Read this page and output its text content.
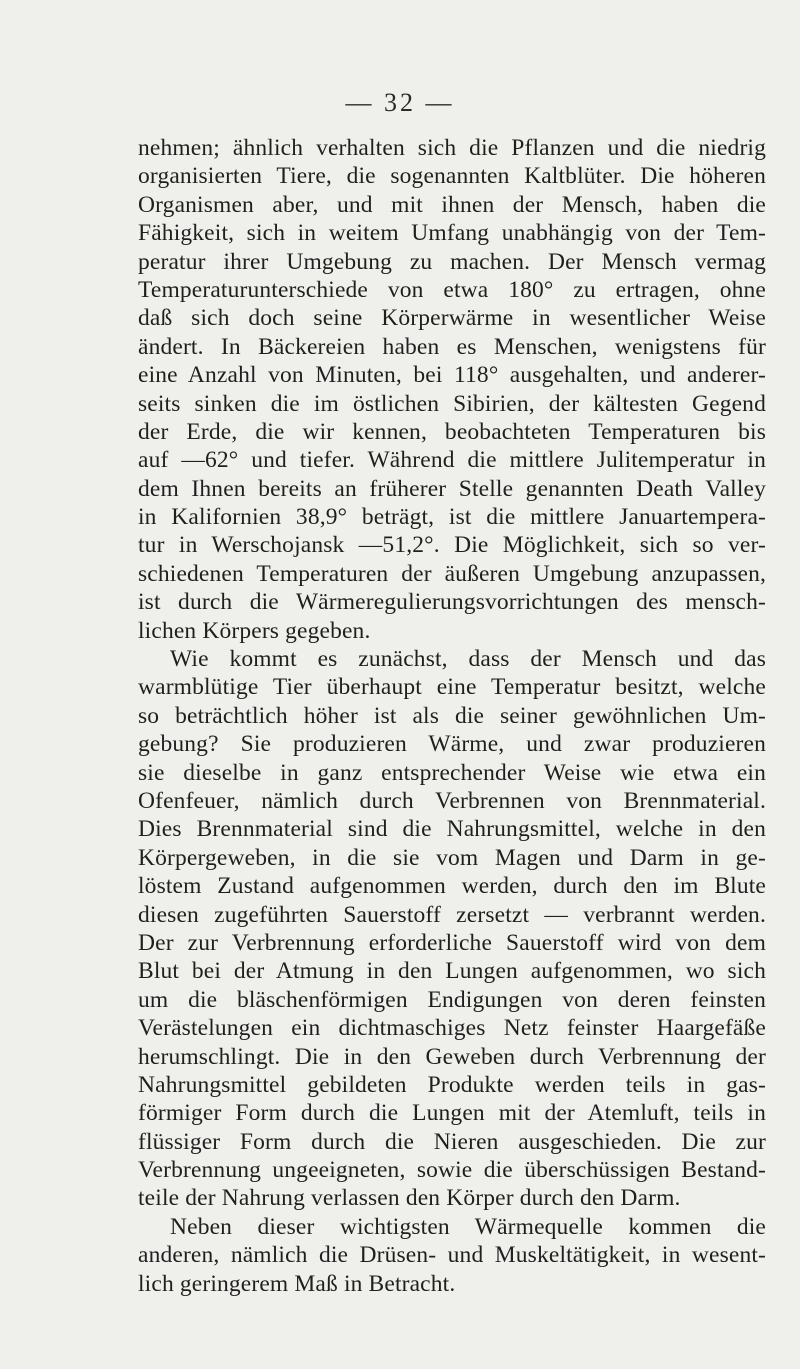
— 32 —
nehmen; ähnlich verhalten sich die Pflanzen und die niedrig
organisierten Tiere, die sogenannten Kaltblüter. Die höheren
Organismen aber, und mit ihnen der Mensch, haben die
Fähigkeit, sich in weitem Umfang unabhängig von der Tem-
peratur ihrer Umgebung zu machen. Der Mensch vermag
Temperaturunterschiede von etwa 180° zu ertragen, ohne
daß sich doch seine Körperwärme in wesentlicher Weise
ändert. In Bäckereien haben es Menschen, wenigstens für
eine Anzahl von Minuten, bei 118° ausgehalten, und anderer-
seits sinken die im östlichen Sibirien, der kältesten Gegend
der Erde, die wir kennen, beobachteten Temperaturen bis
auf —62° und tiefer. Während die mittlere Julitemperatur in
dem Ihnen bereits an früherer Stelle genannten Death Valley
in Kalifornien 38,9° beträgt, ist die mittlere Januartempera-
tur in Werschojansk —51,2°. Die Möglichkeit, sich so ver-
schiedenen Temperaturen der äußeren Umgebung anzupassen,
ist durch die Wärmeregulierungsvorrichtungen des mensch-
lichen Körpers gegeben.
Wie kommt es zunächst, dass der Mensch und das
warmblütige Tier überhaupt eine Temperatur besitzt, welche
so beträchtlich höher ist als die seiner gewöhnlichen Um-
gebung? Sie produzieren Wärme, und zwar produzieren
sie dieselbe in ganz entsprechender Weise wie etwa ein
Ofenfeuer, nämlich durch Verbrennen von Brennmaterial.
Dies Brennmaterial sind die Nahrungsmittel, welche in den
Körpergeweben, in die sie vom Magen und Darm in ge-
löstem Zustand aufgenommen werden, durch den im Blute
diesen zugeführten Sauerstoff zersetzt — verbrannt werden.
Der zur Verbrennung erforderliche Sauerstoff wird von dem
Blut bei der Atmung in den Lungen aufgenommen, wo sich
um die bläschenförmigen Endigungen von deren feinsten
Verästelungen ein dichtmaschiges Netz feinster Haargefäße
herumschlingt. Die in den Geweben durch Verbrennung der
Nahrungsmittel gebildeten Produkte werden teils in gas-
förmiger Form durch die Lungen mit der Atemluft, teils in
flüssiger Form durch die Nieren ausgeschieden. Die zur
Verbrennung ungeeigneten, sowie die überschüssigen Bestand-
teile der Nahrung verlassen den Körper durch den Darm.
Neben dieser wichtigsten Wärmequelle kommen die
anderen, nämlich die Drüsen- und Muskeltätigkeit, in wesent-
lich geringerem Maß in Betracht.
